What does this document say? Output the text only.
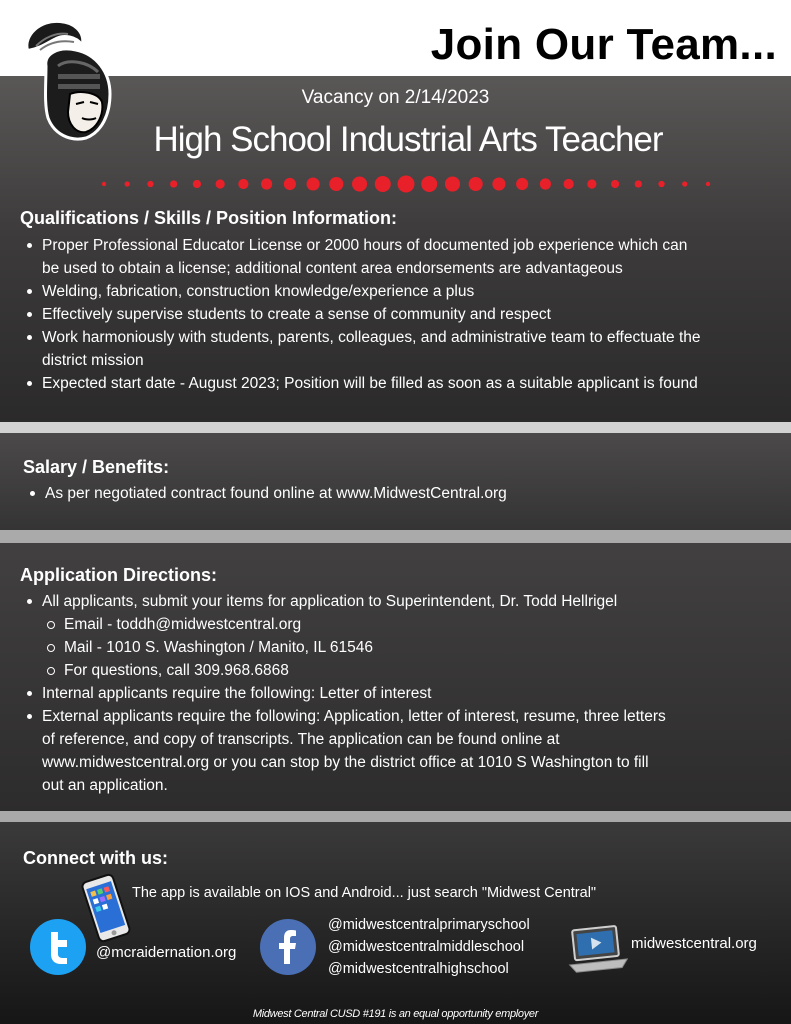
Join Our Team...
Vacancy on 2/14/2023
High School Industrial Arts Teacher
Qualifications / Skills / Position Information:
Proper Professional Educator License or 2000 hours of documented job experience which can
be used to obtain a license; additional content area endorsements are advantageous
Welding, fabrication, construction knowledge/experience a plus
Effectively supervise students to create a sense of community and respect
Work harmoniously with students, parents, colleagues, and administrative team to effectuate the
district mission
Expected start date - August 2023; Position will be filled as soon as a suitable applicant is found
Salary / Benefits:
As per negotiated contract found online at www.MidwestCentral.org
Application Directions:
All applicants, submit your items for application to Superintendent, Dr. Todd Hellrigel
Email - toddh@midwestcentral.org
Mail - 1010 S. Washington / Manito, IL 61546
For questions, call 309.968.6868
Internal applicants require the following: Letter of interest
External applicants require the following: Application, letter of interest, resume, three letters
of reference, and copy of transcripts. The application can be found online at
www.midwestcentral.org or you can stop by the district office at 1010 S Washington to fill
out an application.
Connect with us:
The app is available on IOS and Android... just search "Midwest Central"
@mcraidernation.org
@midwestcentralprimaryschool
@midwestcentralmiddleschool
@midwestcentralhighschool
midwestcentral.org
Midwest Central CUSD #191 is an equal opportunity employer
